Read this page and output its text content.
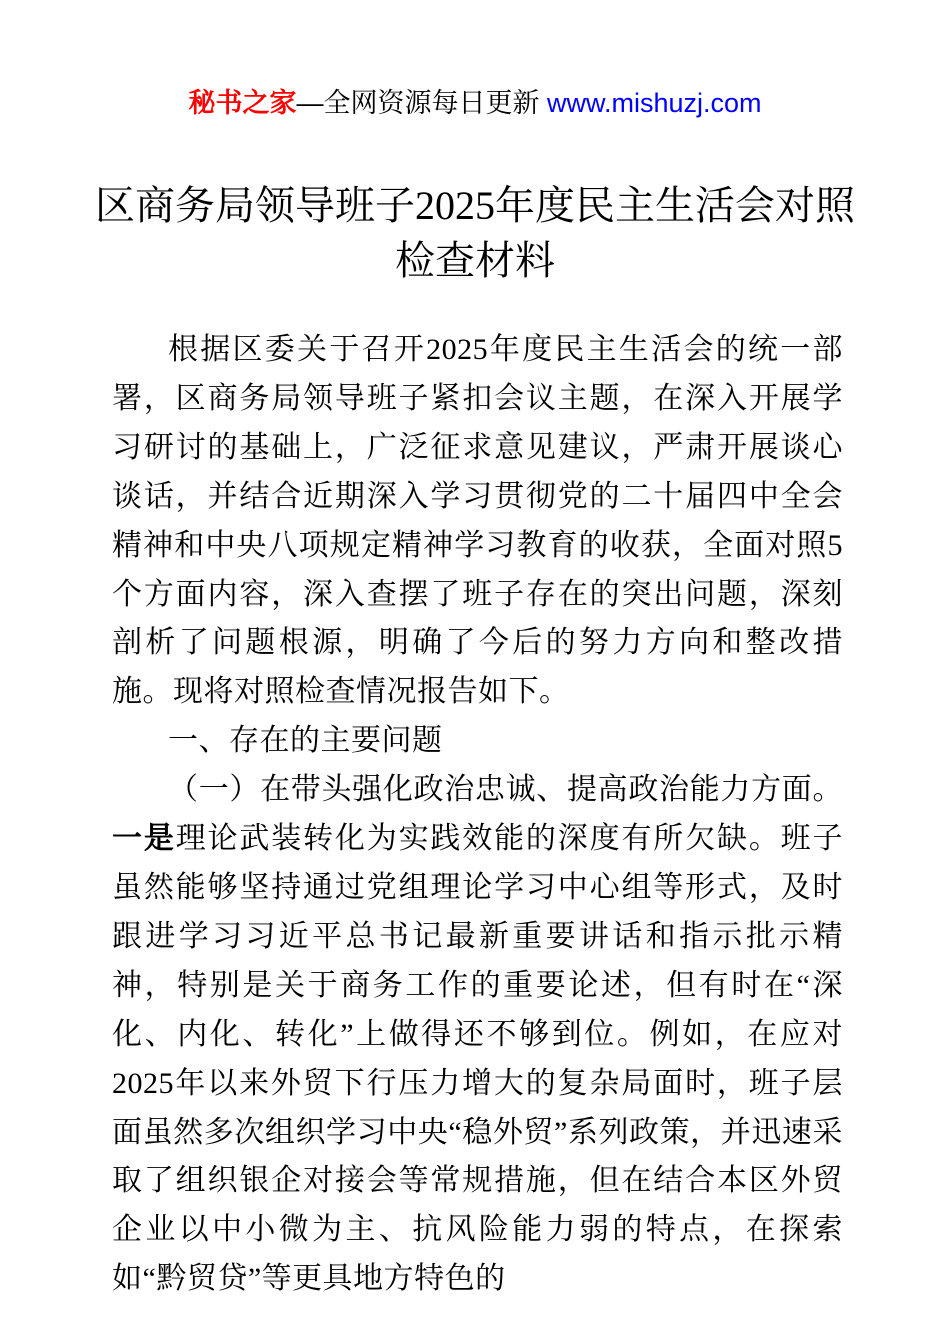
秘书之家—全网资源每日更新 www.mishuzj.com
区商务局领导班子2025年度民主生活会对照检查材料

根据区委关于召开2025年度民主生活会的统一部署，区商务局领导班子紧扣会议主题，在深入开展学习研讨的基础上，广泛征求意见建议，严肃开展谈心谈话，并结合近期深入学习贯彻党的二十届四中全会精神和中央八项规定精神学习教育的收获，全面对照5个方面内容，深入查摆了班子存在的突出问题，深刻剖析了问题根源，明确了今后的努力方向和整改措施。现将对照检查情况报告如下。

一、存在的主要问题

（一）在带头强化政治忠诚、提高政治能力方面。一是理论武装转化为实践效能的深度有所欠缺。班子虽然能够坚持通过党组理论学习中心组等形式，及时跟进学习习近平总书记最新重要讲话和指示批示精神，特别是关于商务工作的重要论述，但有时在“深化、内化、转化”上做得还不够到位。例如，在应对2025年以来外贸下行压力增大的复杂局面时，班子层面虽然多次组织学习中央“稳外贸”系列政策，并迅速采取了组织银企对接会等常规措施，但在结合本区外贸企业以中小微为主、抗风险能力弱的特点，在探索如“黔贸贷”等更具地方特色的
